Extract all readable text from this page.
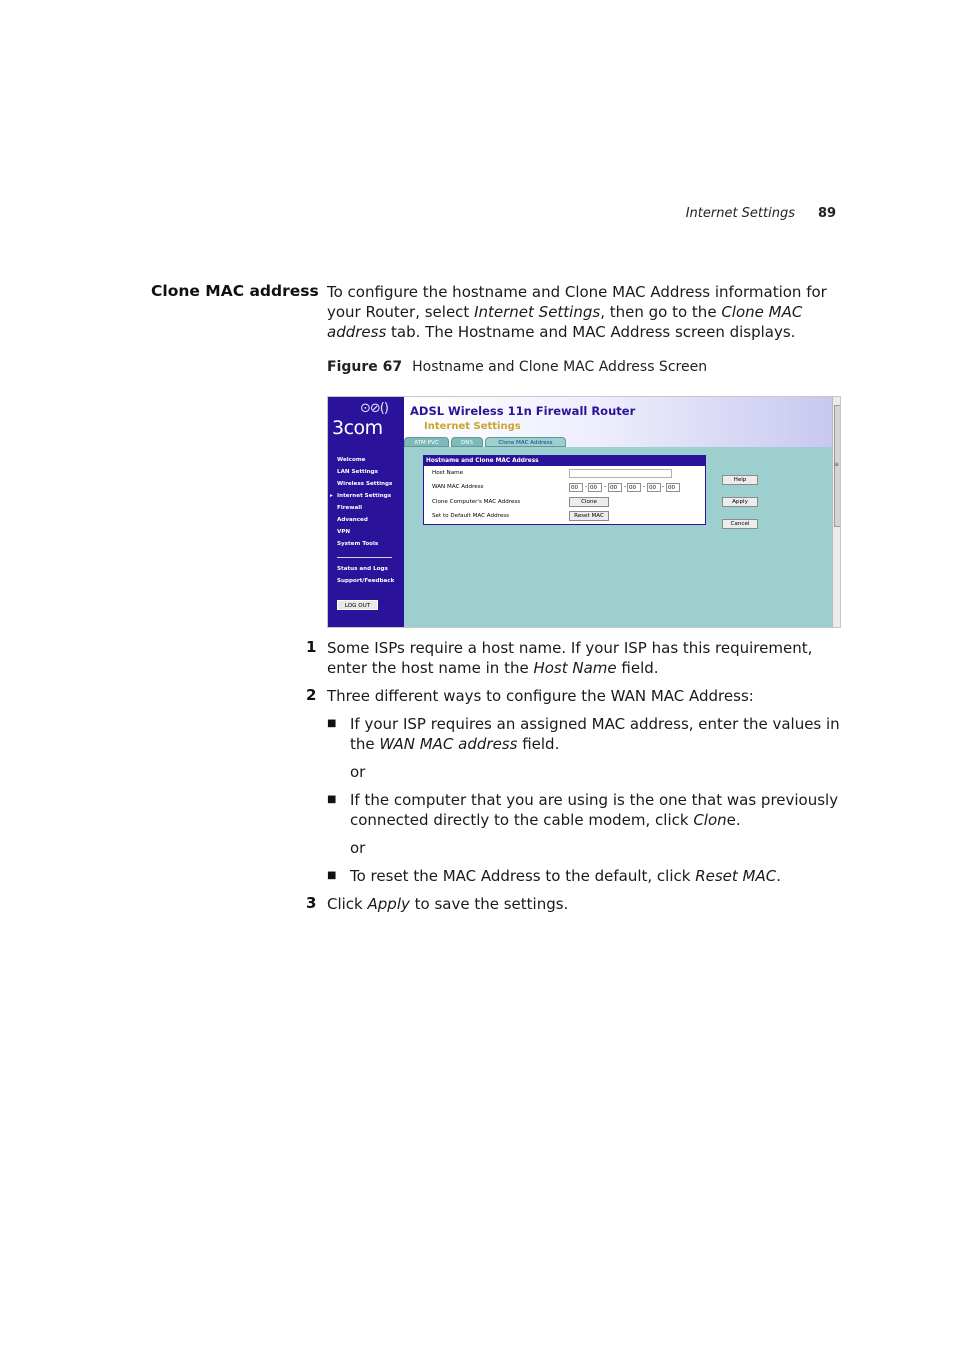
Internet Settings 89
Clone MAC address To configure the hostname and Clone MAC Address information for your Router, select Internet Settings, then go to the Clone MAC address tab. The Hostname and MAC Address screen displays.
Figure 67 Hostname and Clone MAC Address Screen
⊙⊘()
3com
Welcome
LAN Settings
Wireless Settings
▸ Internet Settings
Firewall
Advanced
VPN
System Tools
Status and Logs
Support/Feedback
LOG OUT
ADSL Wireless 11n Firewall Router
Internet Settings
ATM PVC	DNS	Clone MAC Address
≡
Hostname and Clone MAC Address
Host Name
WAN MAC Address	00	- 00	- 00	- 00	- 00 - 00
Clone Computer's MAC Address	Clone
Set to Default MAC Address	Reset MAC
Help
Apply
Cancel
1 Some ISPs require a host name. If your ISP has this requirement, enter the host name in the Host Name field.
2 Three different ways to configure the WAN MAC Address:
■ If your ISP requires an assigned MAC address, enter the values in the WAN MAC address field.
or
■ If the computer that you are using is the one that was previously connected directly to the cable modem, click Clone.
or
■ To reset the MAC Address to the default, click Reset MAC.
3 Click Apply to save the settings.
